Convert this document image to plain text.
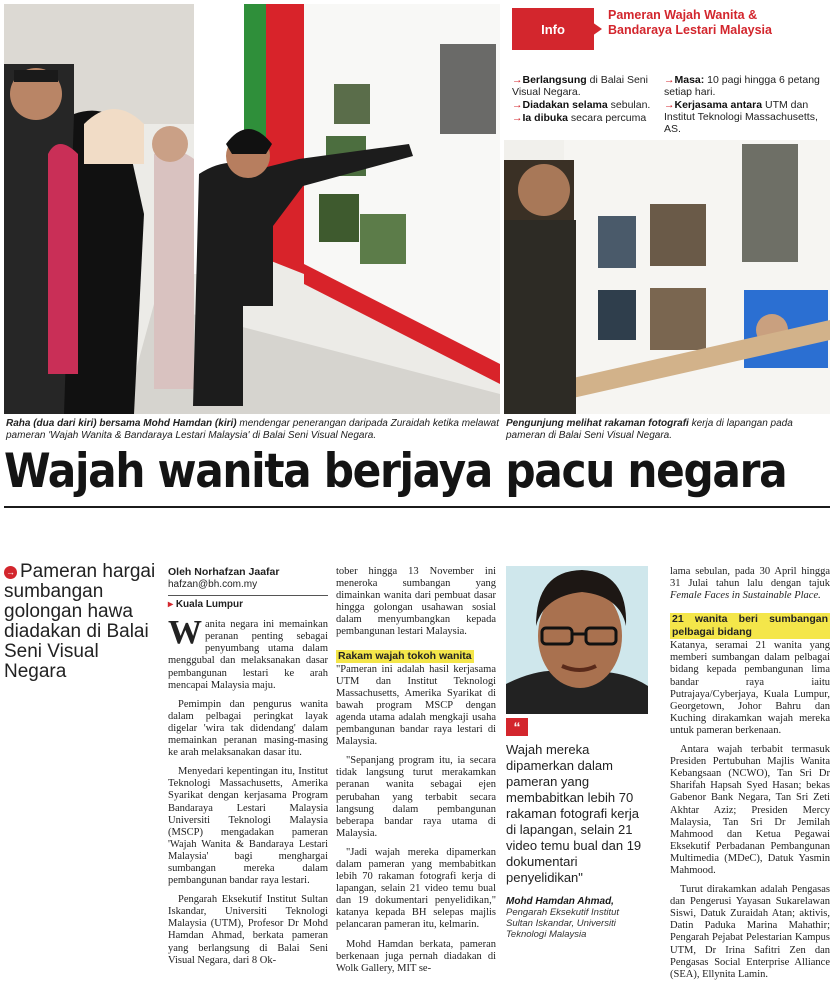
Info
Pameran Wajah Wanita & Bandaraya Lestari Malaysia
→Berlangsung di Balai Seni Visual Negara.
→Diadakan selama sebulan.
→Ia dibuka secara percuma
→Masa: 10 pagi hingga 6 petang setiap hari.
→Kerjasama antara UTM dan Institut Teknologi Massachusetts, AS.
Raha (dua dari kiri) bersama Mohd Hamdan (kiri) mendengar penerangan daripada Zuraidah ketika melawat pameran 'Wajah Wanita & Bandaraya Lestari Malaysia' di Balai Seni Visual Negara.
Pengunjung melihat rakaman fotografi kerja di lapangan pada pameran di Balai Seni Visual Negara.
Wajah wanita berjaya pacu negara
→ Pameran hargai sumbangan golongan hawa diadakan di Balai Seni Visual Negara
Oleh Norhafzan Jaafar
hafzan@bh.com.my
▸ Kuala Lumpur

Wanita negara ini memainkan peranan penting sebagai penyumbang utama dalam menggubal dan melaksanakan dasar pembangunan lestari ke arah mencapai Malaysia maju.

Pemimpin dan pengurus wanita dalam pelbagai peringkat layak digelar 'wira tak didendang' dalam memainkan peranan masing-masing ke arah melaksanakan dasar itu.

Menyedari kepentingan itu, Institut Teknologi Massachusetts, Amerika Syarikat dengan kerjasama Program Bandaraya Lestari Malaysia Universiti Teknologi Malaysia (MSCP) mengadakan pameran 'Wajah Wanita & Bandaraya Lestari Malaysia' bagi menghargai sumbangan mereka dalam pembangunan bandar raya lestari.

Pengarah Eksekutif Institut Sultan Iskandar, Universiti Teknologi Malaysia (UTM), Profesor Dr Mohd Hamdan Ahmad, berkata pameran yang berlangsung di Balai Seni Visual Negara, dari 8 Ok-

tober hingga 13 November ini meneroka sumbangan yang dimainkan wanita dari pembuat dasar hingga golongan usahawan sosial dalam menyumbangkan kepada pembangunan lestari Malaysia.

Rakam wajah tokoh wanita

"Pameran ini adalah hasil kerjasama UTM dan Institut Teknologi Massachusetts, Amerika Syarikat di bawah program MSCP dengan agenda utama adalah mengkaji usaha pembangunan bandar raya lestari di Malaysia.

"Sepanjang program itu, ia secara tidak langsung turut merakamkan peranan wanita sebagai ejen perubahan yang terbabit secara langsung dalam pembangunan beberapa bandar raya utama di Malaysia.

"Jadi wajah mereka dipamerkan dalam pameran yang membabitkan lebih 70 rakaman fotografi kerja di lapangan, selain 21 video temu bual dan 19 dokumentari penyelidikan," katanya kepada BH selepas majlis pelancaran pameran itu, kelmarin.

Mohd Hamdan berkata, pameran berkenaan juga pernah diadakan di Wolk Gallery, MIT se-

“
Wajah mereka dipamerkan dalam pameran yang membabitkan lebih 70 rakaman fotografi kerja di lapangan, selain 21 video temu bual dan 19 dokumentari penyelidikan"
Mohd Hamdan Ahmad,
Pengarah Eksekutif Institut Sultan Iskandar, Universiti Teknologi Malaysia

lama sebulan, pada 30 April hingga 31 Julai tahun lalu dengan tajuk Female Faces in Sustainable Place.

21 wanita beri sumbangan pelbagai bidang

Katanya, seramai 21 wanita yang memberi sumbangan dalam pelbagai bidang kepada pembangunan lima bandar raya iaitu Putrajaya/Cyberjaya, Kuala Lumpur, Georgetown, Johor Bahru dan Kuching dirakamkan wajah mereka untuk pameran berkenaan.

Antara wajah terbabit termasuk Presiden Pertubuhan Majlis Wanita Kebangsaan (NCWO), Tan Sri Dr Sharifah Hapsah Syed Hasan; bekas Gabenor Bank Negara, Tan Sri Zeti Akhtar Aziz; Presiden Mercy Malaysia, Tan Sri Dr Jemilah Mahmood dan Ketua Pegawai Eksekutif Perbadanan Pembangunan Multimedia (MDeC), Datuk Yasmin Mahmood.

Turut dirakamkan adalah Pengasas dan Pengerusi Yayasan Sukarelawan Siswi, Datuk Zuraidah Atan; aktivis, Datin Paduka Marina Mahathir; Pengarah Pejabat Pelestarian Kampus UTM, Dr Irina Safitri Zen dan Pengasas Social Enterprise Alliance (SEA), Ellynita Lamin.
